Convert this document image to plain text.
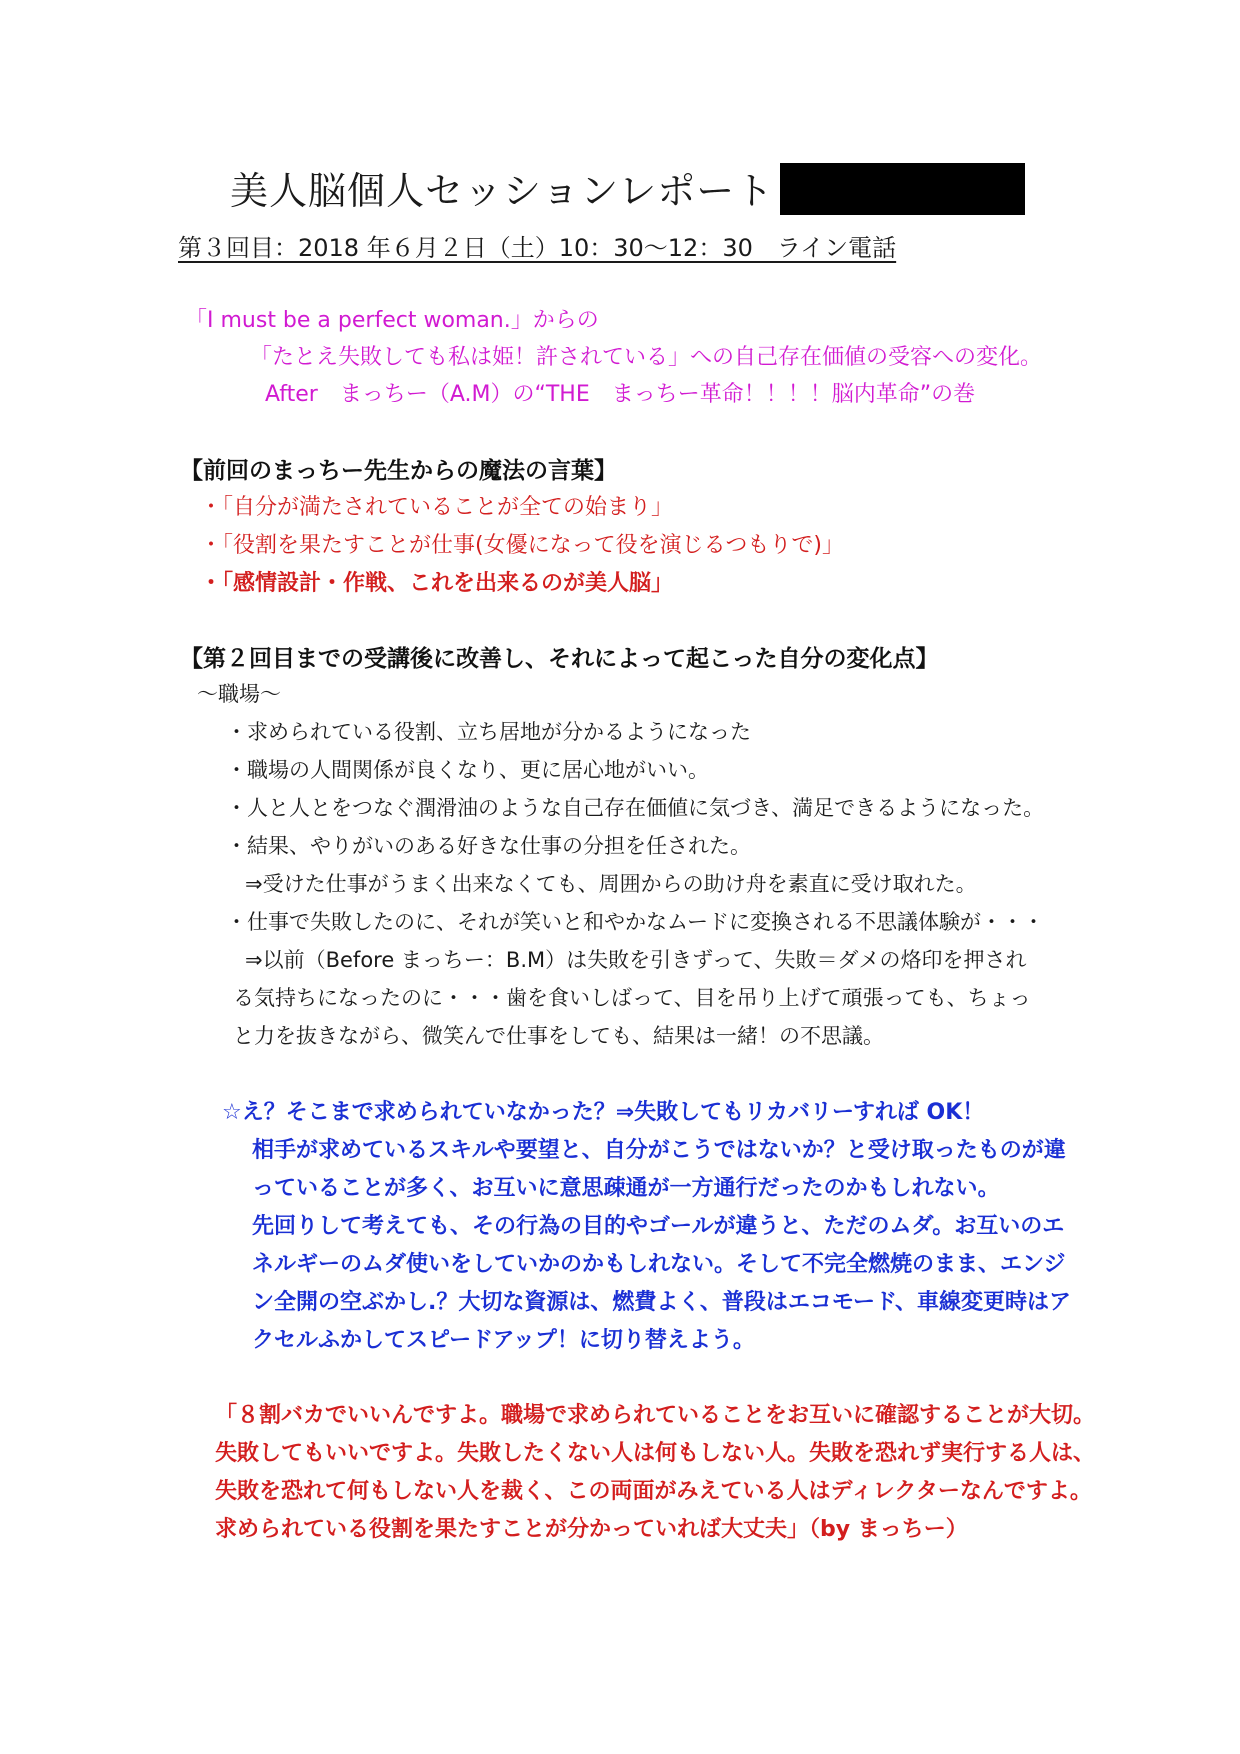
美人脳個人セッションレポート
第３回目：2018 年６月２日（土）10：30～12：30　ライン電話
「I must be a perfect woman.」からの
「たとえ失敗しても私は姫！許されている」への自己存在価値の受容への変化。
After　まっちー（A.M）の“THE　まっちー革命！！！！脳内革命”の巻
【前回のまっちー先生からの魔法の言葉】
・「自分が満たされていることが全ての始まり」
・「役割を果たすことが仕事(女優になって役を演じるつもりで)」
・「感情設計・作戦、これを出来るのが美人脳」
【第２回目までの受講後に改善し、それによって起こった自分の変化点】
～職場～
・求められている役割、立ち居地が分かるようになった
・職場の人間関係が良くなり、更に居心地がいい。
・人と人とをつなぐ潤滑油のような自己存在価値に気づき、満足できるようになった。
・結果、やりがいのある好きな仕事の分担を任された。
⇒受けた仕事がうまく出来なくても、周囲からの助け舟を素直に受け取れた。
・仕事で失敗したのに、それが笑いと和やかなムードに変換される不思議体験が・・・
⇒以前（Before まっちー：B.M）は失敗を引きずって、失敗＝ダメの烙印を押され
る気持ちになったのに・・・歯を食いしばって、目を吊り上げて頑張っても、ちょっ
と力を抜きながら、微笑んで仕事をしても、結果は一緒！の不思議。
☆え？そこまで求められていなかった？⇒失敗してもリカバリーすれば OK！
相手が求めているスキルや要望と、自分がこうではないか？と受け取ったものが違
っていることが多く、お互いに意思疎通が一方通行だったのかもしれない。
先回りして考えても、その行為の目的やゴールが違うと、ただのムダ。お互いのエ
ネルギーのムダ使いをしていかのかもしれない。そして不完全燃焼のまま、エンジ
ン全開の空ぶかし.？大切な資源は、燃費よく、普段はエコモード、車線変更時はア
クセルふかしてスピードアップ！に切り替えよう。
「８割バカでいいんですよ。職場で求められていることをお互いに確認することが大切。
失敗してもいいですよ。失敗したくない人は何もしない人。失敗を恐れず実行する人は、
失敗を恐れて何もしない人を裁く、この両面がみえている人はディレクターなんですよ。
求められている役割を果たすことが分かっていれば大丈夫」（by まっちー）
